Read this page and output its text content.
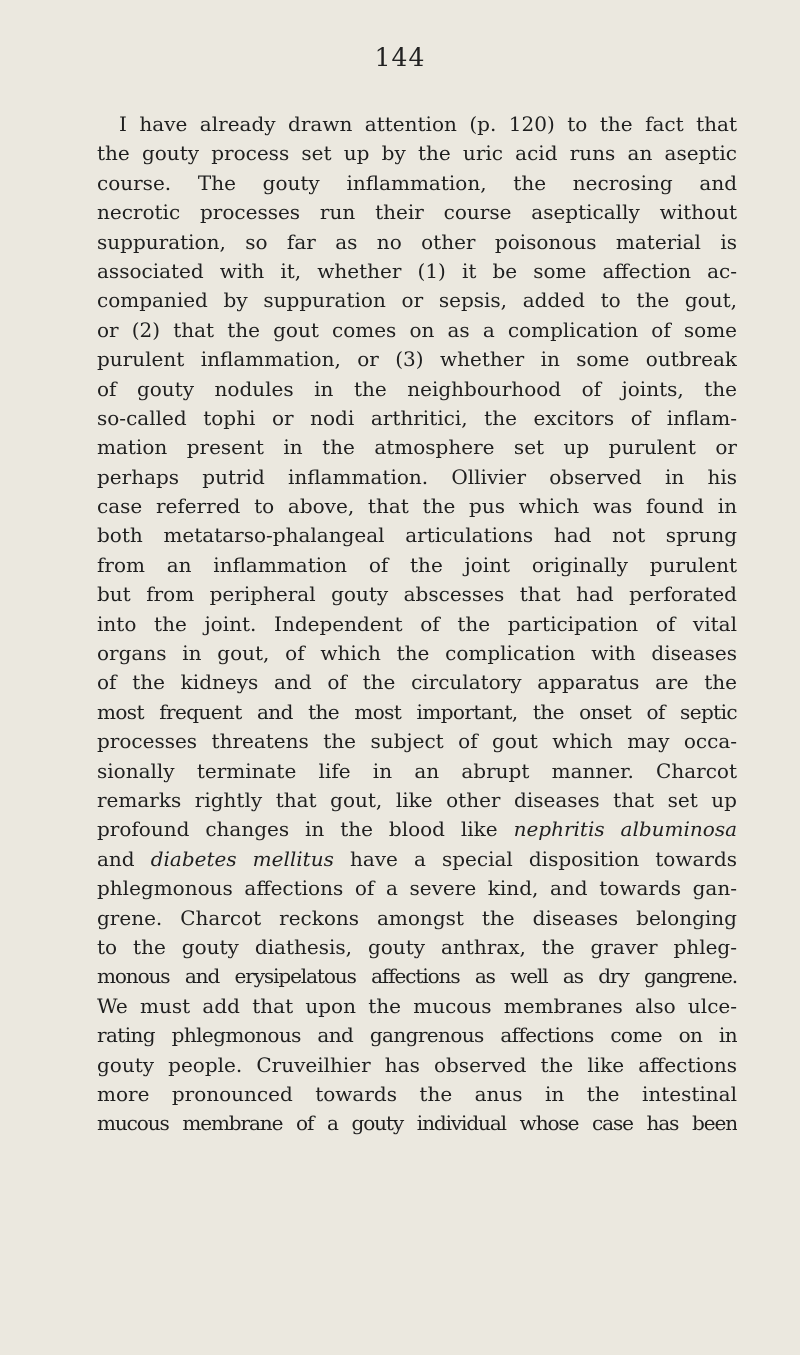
144
I have already drawn attention (p. 120) to the fact that
the gouty process set up by the uric acid runs an aseptic
course. The gouty inflammation, the necrosing and
necrotic processes run their course aseptically without
suppuration, so far as no other poisonous material is
associated with it, whether (1) it be some affection ac-
companied by suppuration or sepsis, added to the gout,
or (2) that the gout comes on as a complication of some
purulent inflammation, or (3) whether in some outbreak
of gouty nodules in the neighbourhood of joints, the
so-called tophi or nodi arthritici, the excitors of inflam-
mation present in the atmosphere set up purulent or
perhaps putrid inflammation. Ollivier observed in his
case referred to above, that the pus which was found in
both metatarso-phalangeal articulations had not sprung
from an inflammation of the joint originally purulent
but from peripheral gouty abscesses that had perforated
into the joint. Independent of the participation of vital
organs in gout, of which the complication with diseases
of the kidneys and of the circulatory apparatus are the
most frequent and the most important, the onset of septic
processes threatens the subject of gout which may occa-
sionally terminate life in an abrupt manner. Charcot
remarks rightly that gout, like other diseases that set up
profound changes in the blood like nephritis albuminosa
and diabetes mellitus have a special disposition towards
phlegmonous affections of a severe kind, and towards gan-
grene. Charcot reckons amongst the diseases belonging
to the gouty diathesis, gouty anthrax, the graver phleg-
monous and erysipelatous affections as well as dry gangrene.
We must add that upon the mucous membranes also ulce-
rating phlegmonous and gangrenous affections come on in
gouty people. Cruveilhier has observed the like affections
more pronounced towards the anus in the intestinal
mucous membrane of a gouty individual whose case has been
